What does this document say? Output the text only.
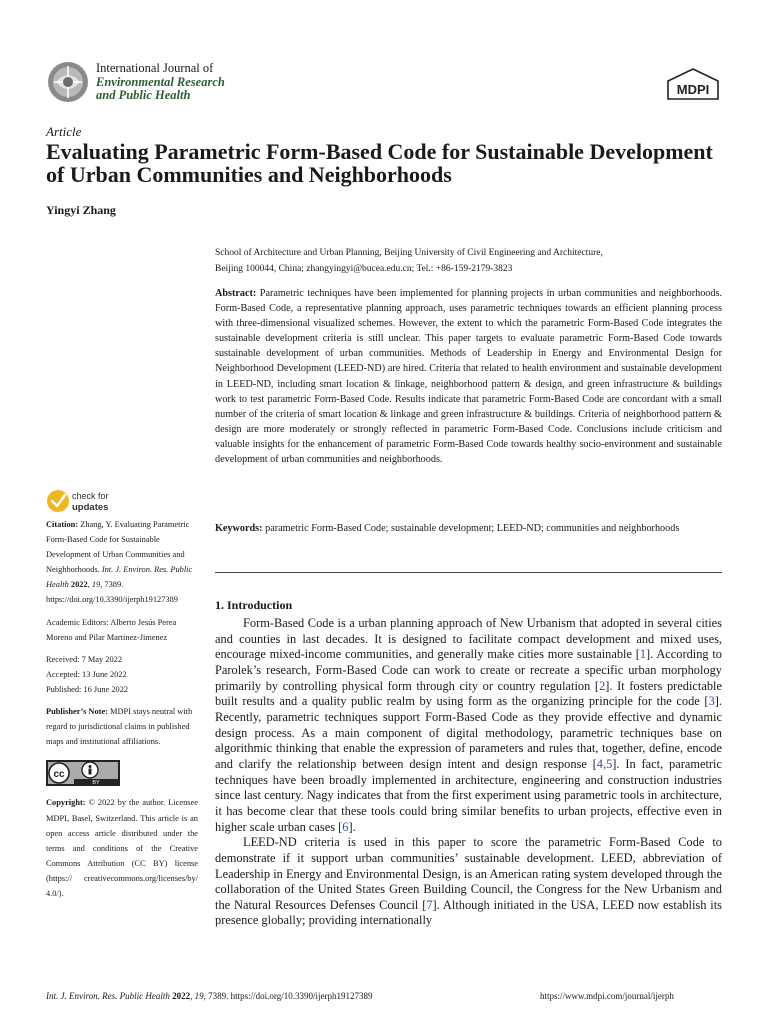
International Journal of
Environmental Research
and Public Health	MDPI
Article
Evaluating Parametric Form-Based Code for Sustainable Development of Urban Communities and Neighborhoods
Yingyi Zhang
School of Architecture and Urban Planning, Beijing University of Civil Engineering and Architecture,
Beijing 100044, China; zhangyingyi@bucea.edu.cn; Tel.: +86-159-2179-3823
Abstract: Parametric techniques have been implemented for planning projects in urban communities and neighborhoods. Form-Based Code, a representative planning approach, uses parametric techniques towards an efficient planning process with three-dimensional visualized schemes. However, the extent to which the parametric Form-Based Code integrates the sustainable development criteria is still unclear. This paper targets to evaluate parametric Form-Based Code towards sustainable development of urban communities. Methods of Leadership in Energy and Environmental Design for Neighborhood Development (LEED-ND) are hired. Criteria that related to health environment and sustainable development in LEED-ND, including smart location & linkage, neighborhood pattern & design, and green infrastructure & buildings work to test parametric Form-Based Code. Results indicate that parametric Form-Based Code are concordant with a small number of the criteria of smart location & linkage and green infrastructure & buildings. Criteria of neighborhood pattern & design are more moderately or strongly reflected in parametric Form-Based Code. Conclusions include criticism and valuable insights for the enhancement of parametric Form-Based Code towards healthy socio-environment and sustainable development of urban communities and neighborhoods.
Keywords: parametric Form-Based Code; sustainable development; LEED-ND; communities and neighborhoods
1. Introduction

Form-Based Code is a urban planning approach of New Urbanism that adopted in several cities and counties in last decades. It is designed to facilitate compact development and mixed uses, encourage mixed-income communities, and generally make cities more sustainable [1]. According to Parolek’s research, Form-Based Code can work to create or recreate a specific urban morphology primarily by controlling physical form through city or country regulation [2]. It fosters predictable built results and a quality public realm by using form as the organizing principle for the code [3]. Recently, parametric techniques support Form-Based Code as they provide effective and dynamic design process. As a main component of digital methodology, parametric techniques base on algorithmic thinking that enable the expression of parameters and rules that, together, define, encode and clarify the relationship between design intent and design response [4,5]. In fact, parametric techniques have been broadly implemented in architecture, engineering and construction industries since last century. Nagy indicates that from the first experiment using parametric tools in architecture, it has become clear that these tools could bring similar benefits to urban projects, effective even in higher scale urban cases [6].

LEED-ND criteria is used in this paper to score the parametric Form-Based Code to demonstrate if it support urban communities’ sustainable development. LEED, abbreviation of Leadership in Energy and Environmental Design, is an American rating system developed through the collaboration of the United States Green Building Council, the Congress for the New Urbanism and the Natural Resources Defenses Council [7]. Although initiated in the USA, LEED now establish its presence globally; providing internationally

check for
updates
Citation: Zhang, Y. Evaluating Parametric Form-Based Code for Sustainable Development of Urban Communities and Neighborhoods. Int. J. Environ. Res. Public Health 2022, 19, 7389. https://doi.org/10.3390/ijerph19127389
Academic Editors: Alberto Jesús Perea Moreno and Pilar Martinez-Jimenez
Received: 7 May 2022
Accepted: 13 June 2022
Published: 16 June 2022
Publisher’s Note: MDPI stays neutral with regard to jurisdictional claims in published maps and institutional affiliations.
cc
BY
Copyright: © 2022 by the author. Licensee MDPI, Basel, Switzerland. This article is an open access article distributed under the terms and conditions of the Creative Commons Attribution (CC BY) license (https:// creativecommons.org/licenses/by/ 4.0/).
Int. J. Environ. Res. Public Health 2022, 19, 7389. https://doi.org/10.3390/ijerph19127389	https://www.mdpi.com/journal/ijerph
